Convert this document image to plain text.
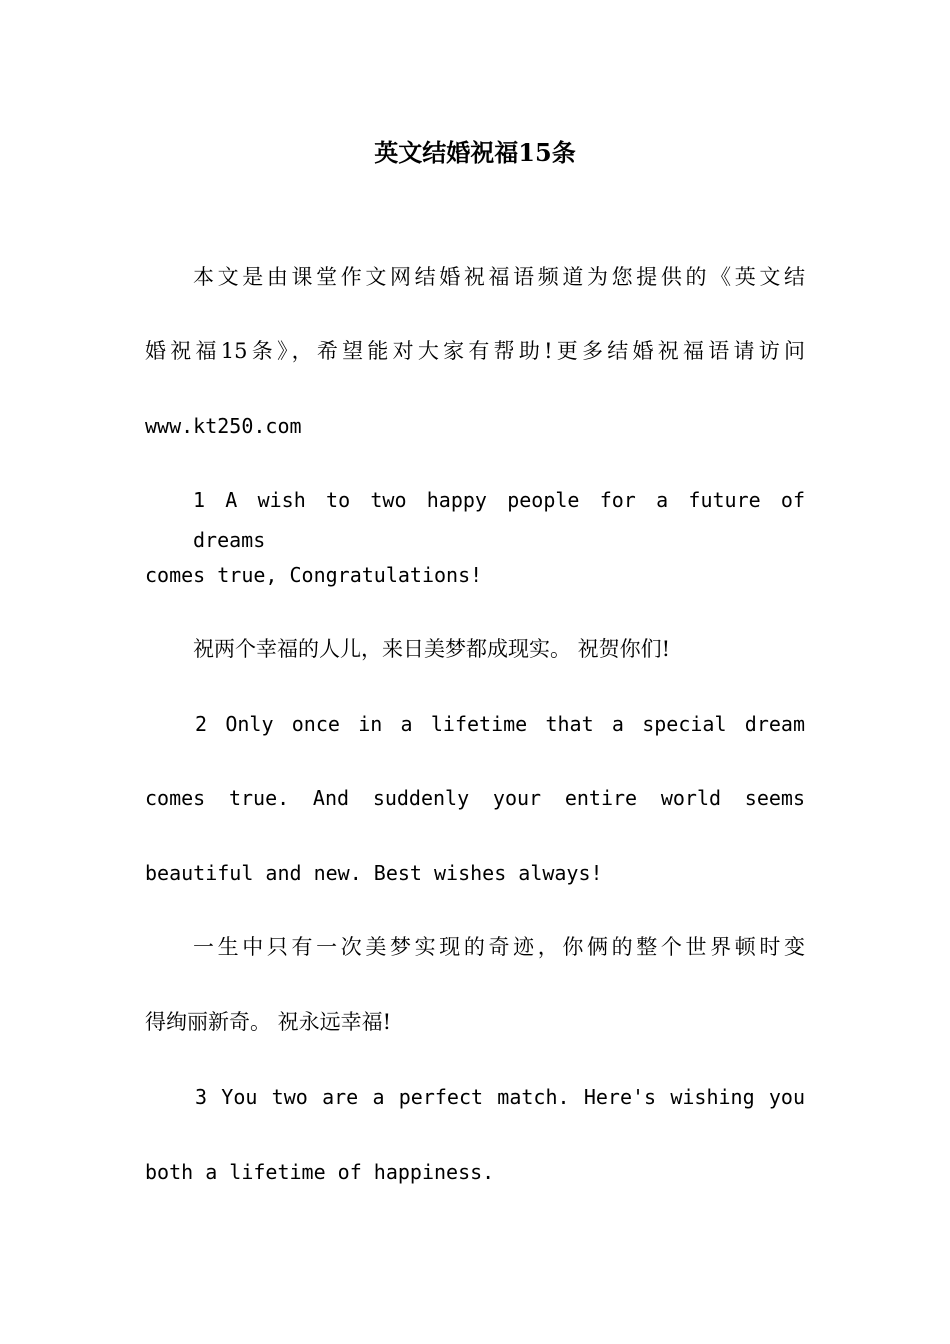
英文结婚祝福15条
本文是由课堂作文网结婚祝福语频道为您提供的《英文结
婚祝福15条》，希望能对大家有帮助!更多结婚祝福语请访问
www.kt250.com
1 A wish to two happy people for a future of dreams
comes true, Congratulations!
祝两个幸福的人儿，来日美梦都成现实。 祝贺你们!
2 Only once in a lifetime that a special dream
comes true. And suddenly your entire world seems
beautiful and new. Best wishes always!
一生中只有一次美梦实现的奇迹，你俩的整个世界顿时变
得绚丽新奇。 祝永远幸福!
3 You two are a perfect match. Here's wishing you
both a lifetime of happiness.
